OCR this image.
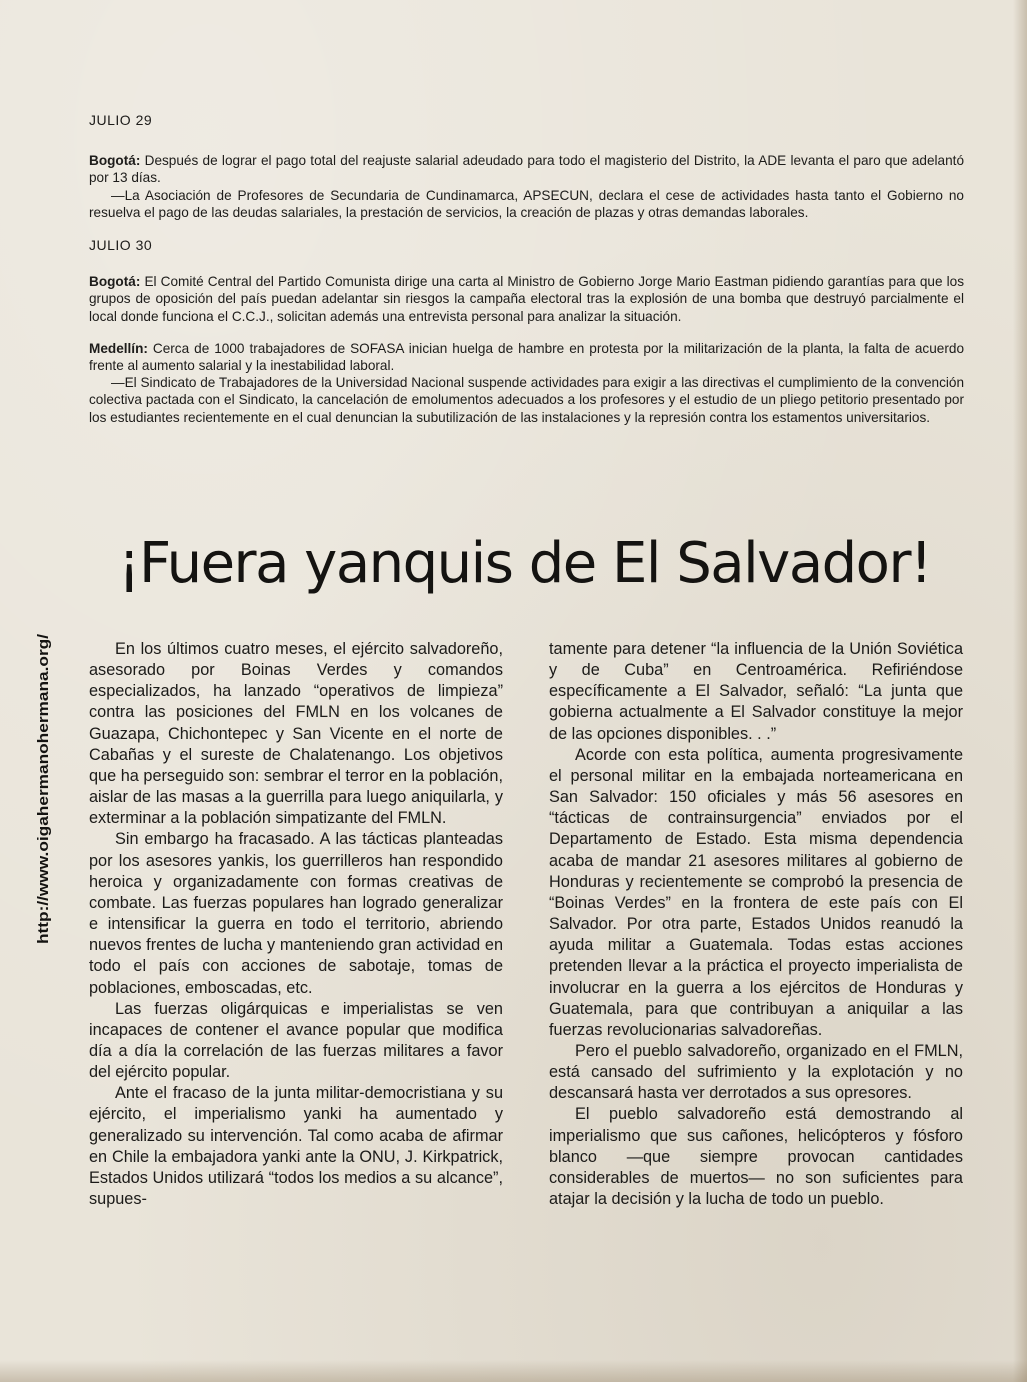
JULIO 29

Bogotá: Después de lograr el pago total del reajuste salarial adeudado para todo el magisterio del Distrito, la ADE levanta el paro que adelantó por 13 días.

—La Asociación de Profesores de Secundaria de Cundinamarca, APSECUN, declara el cese de actividades hasta tanto el Gobierno no resuelva el pago de las deudas salariales, la prestación de servicios, la creación de plazas y otras demandas laborales.

JULIO 30

Bogotá: El Comité Central del Partido Comunista dirige una carta al Ministro de Gobierno Jorge Mario Eastman pidiendo garantías para que los grupos de oposición del país puedan adelantar sin riesgos la campaña electoral tras la explosión de una bomba que destruyó parcialmente el local donde funciona el C.C.J., solicitan además una entrevista personal para analizar la situación.

Medellín: Cerca de 1000 trabajadores de SOFASA inician huelga de hambre en protesta por la militarización de la planta, la falta de acuerdo frente al aumento salarial y la inestabilidad laboral.

—El Sindicato de Trabajadores de la Universidad Nacional suspende actividades para exigir a las directivas el cumplimiento de la convención colectiva pactada con el Sindicato, la cancelación de emolumentos adecuados a los profesores y el estudio de un pliego petitorio presentado por los estudiantes recientemente en el cual denuncian la subutilización de las instalaciones y la represión contra los estamentos universitarios.

¡Fuera yanquis de El Salvador!
http://www.oigahermanohermana.org/

En los últimos cuatro meses, el ejército salvadoreño, asesorado por Boinas Verdes y comandos especializados, ha lanzado “operativos de limpieza” contra las posiciones del FMLN en los volcanes de Guazapa, Chichontepec y San Vicente en el norte de Cabañas y el sureste de Chalatenango. Los objetivos que ha perseguido son: sembrar el terror en la población, aislar de las masas a la guerrilla para luego aniquilarla, y exterminar a la población simpatizante del FMLN.

Sin embargo ha fracasado. A las tácticas planteadas por los asesores yankis, los guerrilleros han respondido heroica y organizadamente con formas creativas de combate. Las fuerzas populares han logrado generalizar e intensificar la guerra en todo el territorio, abriendo nuevos frentes de lucha y manteniendo gran actividad en todo el país con acciones de sabotaje, tomas de poblaciones, emboscadas, etc.

Las fuerzas oligárquicas e imperialistas se ven incapaces de contener el avance popular que modifica día a día la correlación de las fuerzas militares a favor del ejército popular.

Ante el fracaso de la junta militar-democristiana y su ejército, el imperialismo yanki ha aumentado y generalizado su intervención. Tal como acaba de afirmar en Chile la embajadora yanki ante la ONU, J. Kirkpatrick, Estados Unidos utilizará “todos los medios a su alcance”, supues-

tamente para detener “la influencia de la Unión Soviética y de Cuba” en Centroamérica. Refiriéndose específicamente a El Salvador, señaló: “La junta que gobierna actualmente a El Salvador constituye la mejor de las opciones disponibles. . .”

Acorde con esta política, aumenta progresivamente el personal militar en la embajada norteamericana en San Salvador: 150 oficiales y más 56 asesores en “tácticas de contrainsurgencia” enviados por el Departamento de Estado. Esta misma dependencia acaba de mandar 21 asesores militares al gobierno de Honduras y recientemente se comprobó la presencia de “Boinas Verdes” en la frontera de este país con El Salvador. Por otra parte, Estados Unidos reanudó la ayuda militar a Guatemala. Todas estas acciones pretenden llevar a la práctica el proyecto imperialista de involucrar en la guerra a los ejércitos de Honduras y Guatemala, para que contribuyan a aniquilar a las fuerzas revolucionarias salvadoreñas.

Pero el pueblo salvadoreño, organizado en el FMLN, está cansado del sufrimiento y la explotación y no descansará hasta ver derrotados a sus opresores.

El pueblo salvadoreño está demostrando al imperialismo que sus cañones, helicópteros y fósforo blanco —que siempre provocan cantidades considerables de muertos— no son suficientes para atajar la decisión y la lucha de todo un pueblo.
